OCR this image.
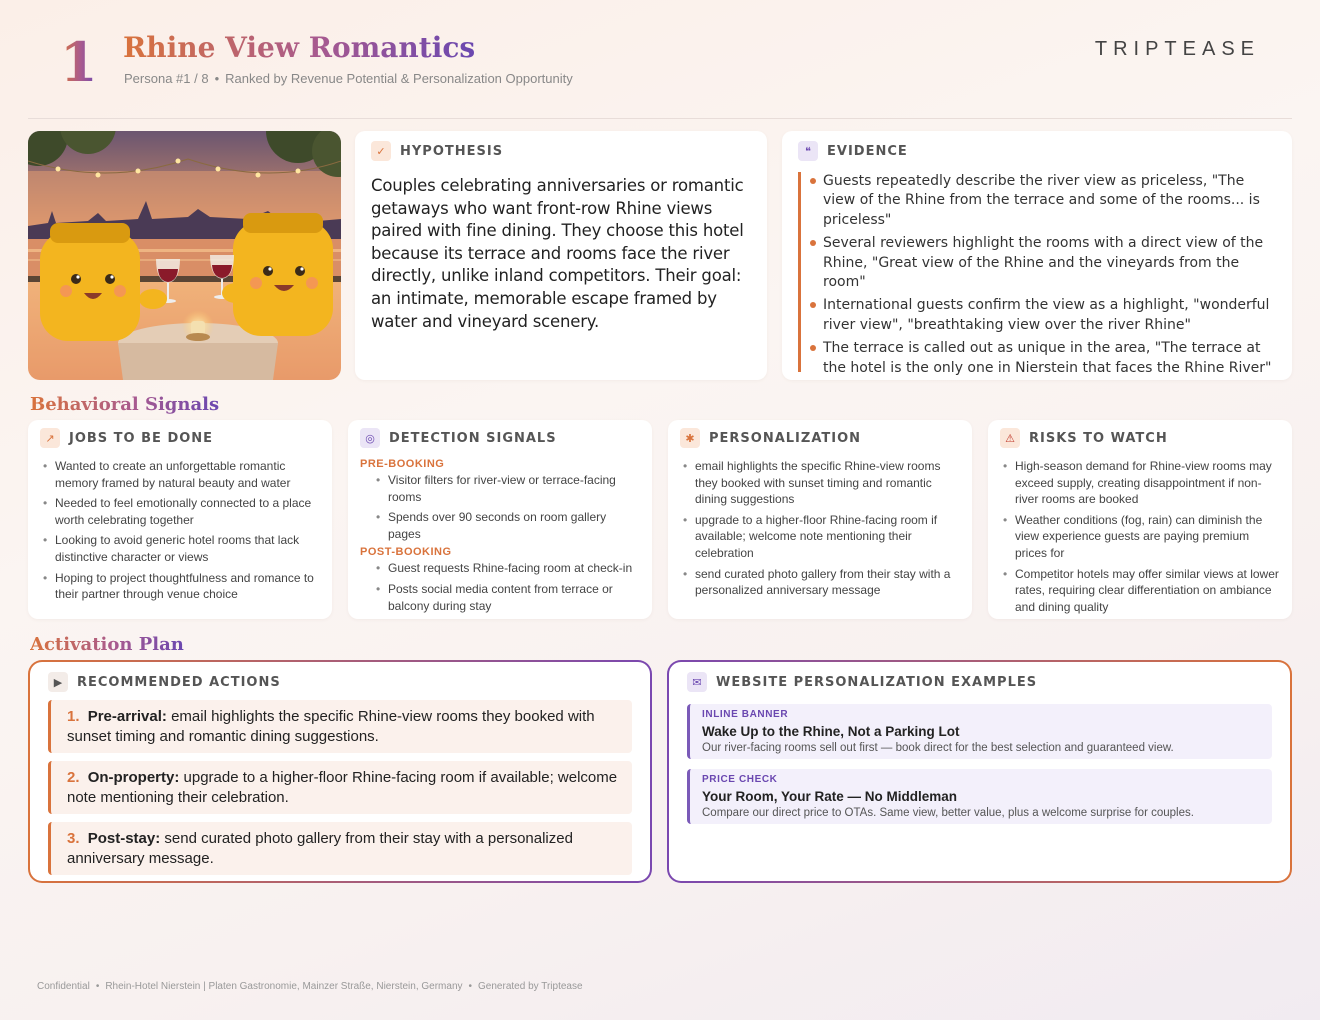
1 Rhine View Romantics
Persona #1 / 8 • Ranked by Revenue Potential & Personalization Opportunity
TRIPTEASE
✓	HYPOTHESIS
Couples celebrating anniversaries or romantic getaways who want front-row Rhine views paired with fine dining. They choose this hotel because its terrace and rooms face the river directly, unlike inland competitors. Their goal: an intimate, memorable escape framed by water and vineyard scenery.
❝	EVIDENCE
Guests repeatedly describe the river view as priceless, "The view of the Rhine from the terrace and some of the rooms... is priceless"
Several reviewers highlight the rooms with a direct view of the Rhine, "Great view of the Rhine and the vineyards from the room"
International guests confirm the view as a highlight, "wonderful river view", "breathtaking view over the river Rhine"
The terrace is called out as unique in the area, "The terrace at the hotel is the only one in Nierstein that faces the Rhine River"
Behavioral Signals
↗	JOBS TO BE DONE
• Wanted to create an unforgettable romantic memory framed by natural beauty and water
• Needed to feel emotionally connected to a place worth celebrating together
• Looking to avoid generic hotel rooms that lack distinctive character or views
• Hoping to project thoughtfulness and romance to their partner through venue choice
◎	DETECTION SIGNALS
PRE-BOOKING
• Visitor filters for river-view or terrace-facing rooms
• Spends over 90 seconds on room gallery pages
POST-BOOKING
• Guest requests Rhine-facing room at check-in
• Posts social media content from terrace or balcony during stay
✱	PERSONALIZATION
• email highlights the specific Rhine-view rooms they booked with sunset timing and romantic dining suggestions
• upgrade to a higher-floor Rhine-facing room if available; welcome note mentioning their celebration
• send curated photo gallery from their stay with a personalized anniversary message
⚠	RISKS TO WATCH
• High-season demand for Rhine-view rooms may exceed supply, creating disappointment if non-river rooms are booked
• Weather conditions (fog, rain) can diminish the view experience guests are paying premium prices for
• Competitor hotels may offer similar views at lower rates, requiring clear differentiation on ambiance and dining quality
Activation Plan
▶	RECOMMENDED ACTIONS
1. Pre-arrival: email highlights the specific Rhine-view rooms they booked with sunset timing and romantic dining suggestions.
2. On-property: upgrade to a higher-floor Rhine-facing room if available; welcome note mentioning their celebration.
3. Post-stay: send curated photo gallery from their stay with a personalized anniversary message.
✉	WEBSITE PERSONALIZATION EXAMPLES
INLINE BANNER
Wake Up to the Rhine, Not a Parking Lot
Our river-facing rooms sell out first — book direct for the best selection and guaranteed view.
PRICE CHECK
Your Room, Your Rate — No Middleman
Compare our direct price to OTAs. Same view, better value, plus a welcome surprise for couples.
Confidential • Rhein-Hotel Nierstein | Platen Gastronomie, Mainzer Straße, Nierstein, Germany • Generated by Triptease
